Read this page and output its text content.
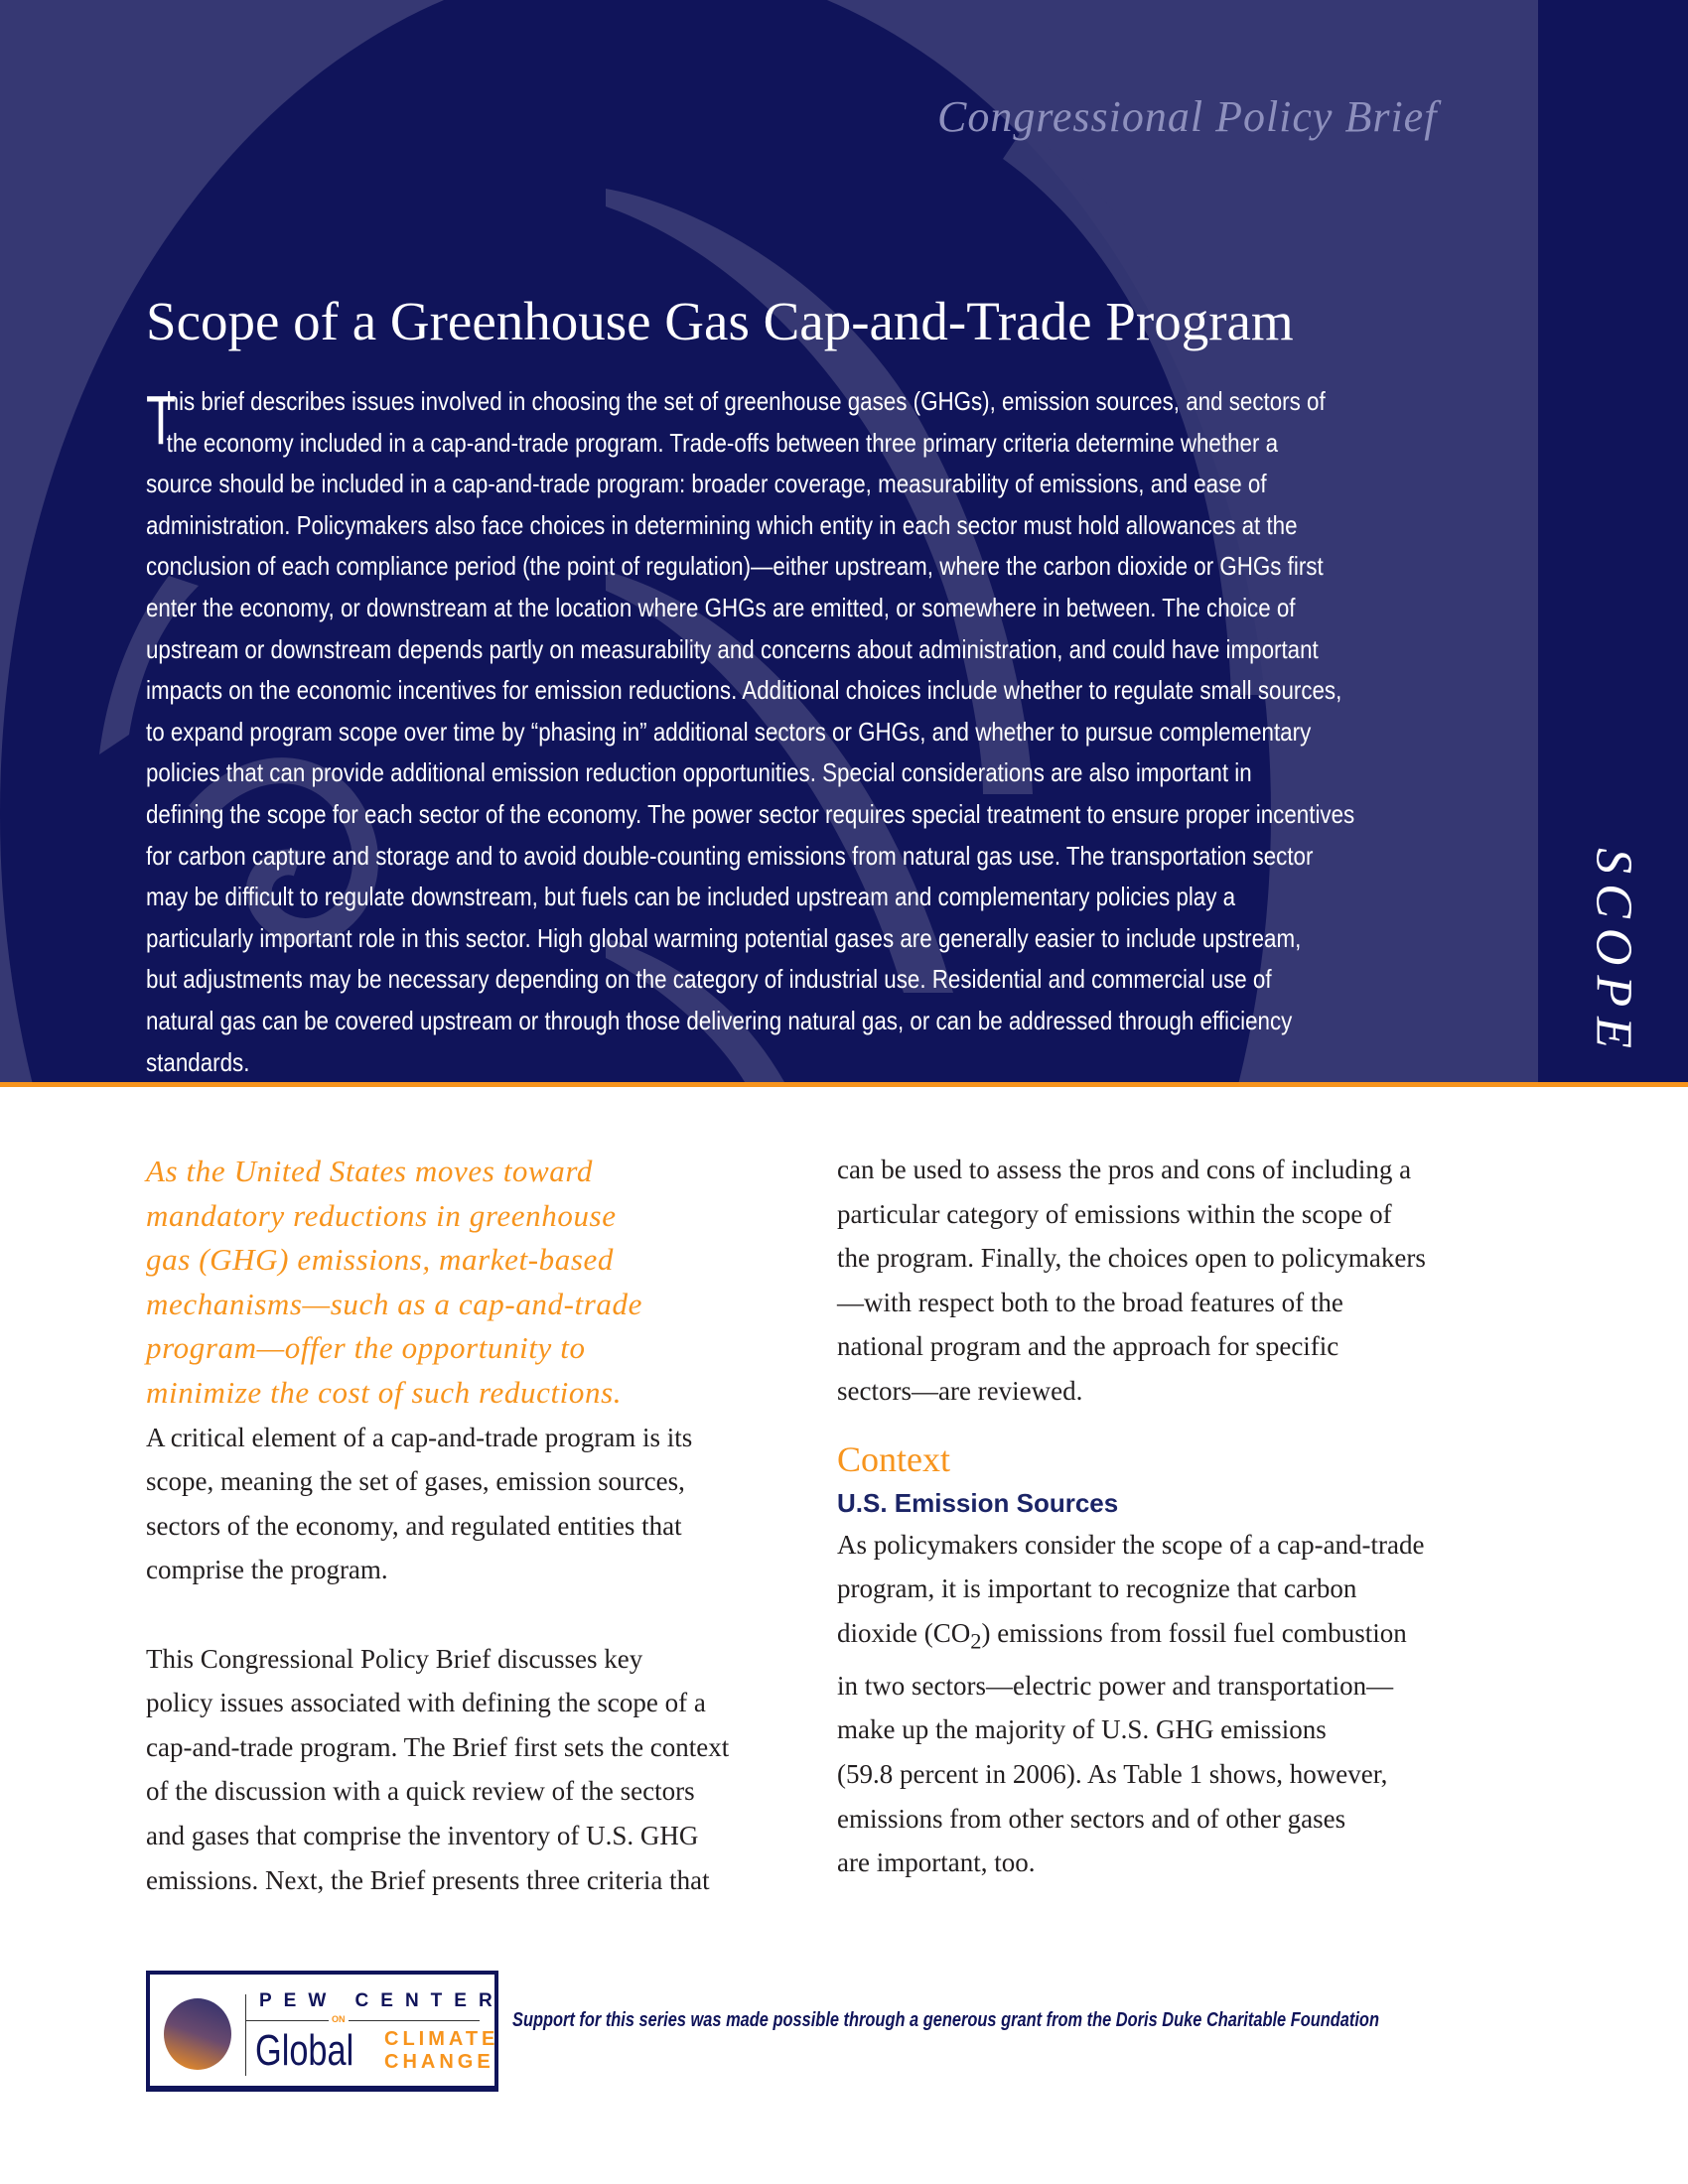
Congressional Policy Brief
Scope of a Greenhouse Gas Cap-and-Trade Program
T
his brief describes issues involved in choosing the set of greenhouse gases (GHGs), emission sources, and sectors of
the economy included in a cap-and-trade program. Trade-offs between three primary criteria determine whether a
source should be included in a cap-and-trade program: broader coverage, measurability of emissions, and ease of
administration. Policymakers also face choices in determining which entity in each sector must hold allowances at the
conclusion of each compliance period (the point of regulation)—either upstream, where the carbon dioxide or GHGs first
enter the economy, or downstream at the location where GHGs are emitted, or somewhere in between. The choice of
upstream or downstream depends partly on measurability and concerns about administration, and could have important
impacts on the economic incentives for emission reductions. Additional choices include whether to regulate small sources,
to expand program scope over time by “phasing in” additional sectors or GHGs, and whether to pursue complementary
policies that can provide additional emission reduction opportunities. Special considerations are also important in
defining the scope for each sector of the economy. The power sector requires special treatment to ensure proper incentives
for carbon capture and storage and to avoid double-counting emissions from natural gas use. The transportation sector
may be difficult to regulate downstream, but fuels can be included upstream and complementary policies play a
particularly important role in this sector. High global warming potential gases are generally easier to include upstream,
but adjustments may be necessary depending on the category of industrial use. Residential and commercial use of
natural gas can be covered upstream or through those delivering natural gas, or can be addressed through efficiency
standards.
SCOPE
As the United States moves toward
mandatory reductions in greenhouse
gas (GHG) emissions, market-based
mechanisms—such as a cap-and-trade
program—offer the opportunity to
minimize the cost of such reductions.
A critical element of a cap-and-trade program is its
scope, meaning the set of gases, emission sources,
sectors of the economy, and regulated entities that
comprise the program.
This Congressional Policy Brief discusses key
policy issues associated with defining the scope of a
cap-and-trade program. The Brief first sets the context
of the discussion with a quick review of the sectors
and gases that comprise the inventory of U.S. GHG
emissions. Next, the Brief presents three criteria that
can be used to assess the pros and cons of including a
particular category of emissions within the scope of
the program. Finally, the choices open to policymakers
—with respect both to the broad features of the
national program and the approach for specific
sectors—are reviewed.
Context
U.S. Emission Sources
As policymakers consider the scope of a cap-and-trade
program, it is important to recognize that carbon
dioxide $(CO_2)$ emissions from fossil fuel combustion
in two sectors—electric power and transportation—
make up the majority of U.S. GHG emissions
(59.8 percent in 2006). As Table 1 shows, however,
emissions from other sectors and of other gases
are important, too.
PEW CENTER
ON
Global CLIMATE
CHANGE
Support for this series was made possible through a generous grant from the Doris Duke Charitable Foundation
